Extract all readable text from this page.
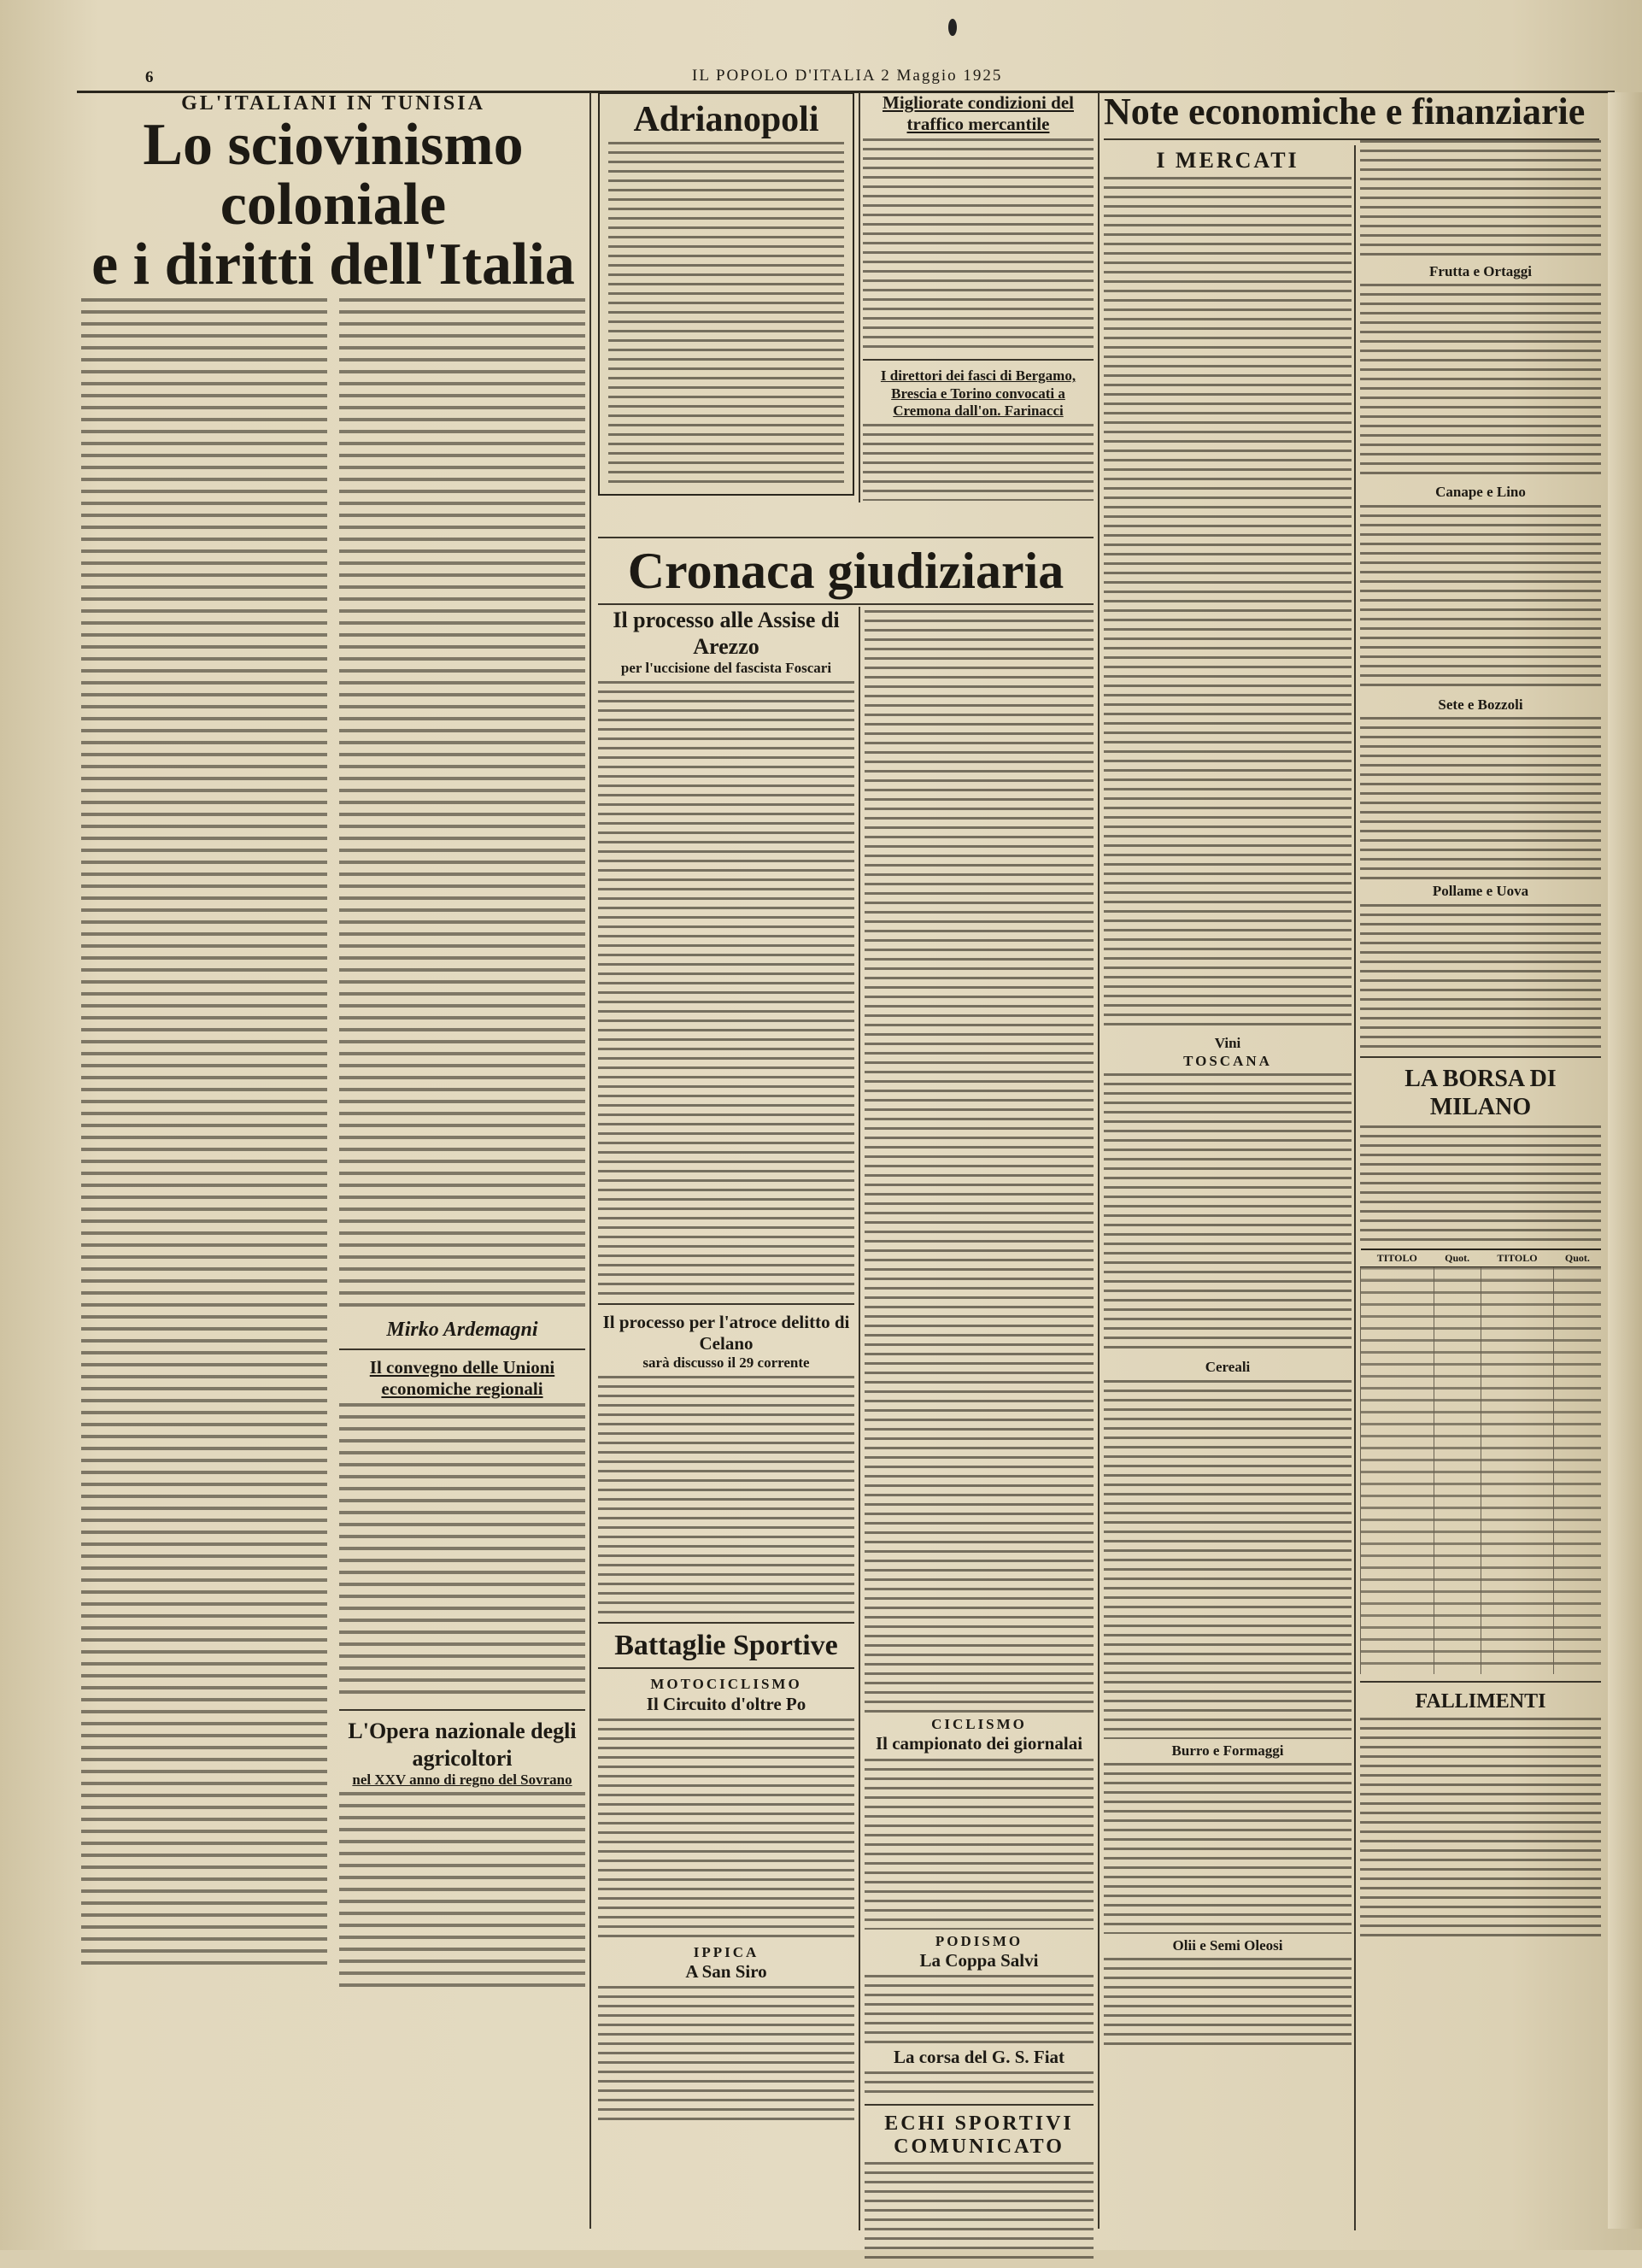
6	IL POPOLO D'ITALIA 2 Maggio 1925
GL'ITALIANI IN TUNISIA
Lo sciovinismo coloniale
e i diritti dell'Italia
Mirko Ardemagni
Il convegno delle Unioni economiche regionali
L'Opera nazionale degli agricoltori
nel XXV anno di regno del Sovrano
Adrianopoli
Cronaca giudiziaria
Il processo alle Assise di Arezzo
per l'uccisione del fascista Foscari
Il processo per l'atroce delitto di Celano
sarà discusso il 29 corrente
Battaglie Sportive
MOTOCICLISMO
Il Circuito d'oltre Po
IPPICA
A San Siro
CICLISMO
Il campionato dei giornalai
PODISMO
La Coppa Salvi
La corsa del G. S. Fiat
ECHI SPORTIVI
COMUNICATO
Migliorate condizioni del traffico mercantile
I direttori dei fasci di Bergamo, Brescia e Torino convocati a Cremona dall'on. Farinacci
Note economiche e finanziarie
I MERCATI
Vini
TOSCANA
Cereali
Burro e Formaggi
Olii e Semi Oleosi
Frutta e Ortaggi
Canape e Lino
Sete e Bozzoli
Pollame e Uova
LA BORSA DI MILANO
TITOLO	Quot.	TITOLO	Quot.

FALLIMENTI
